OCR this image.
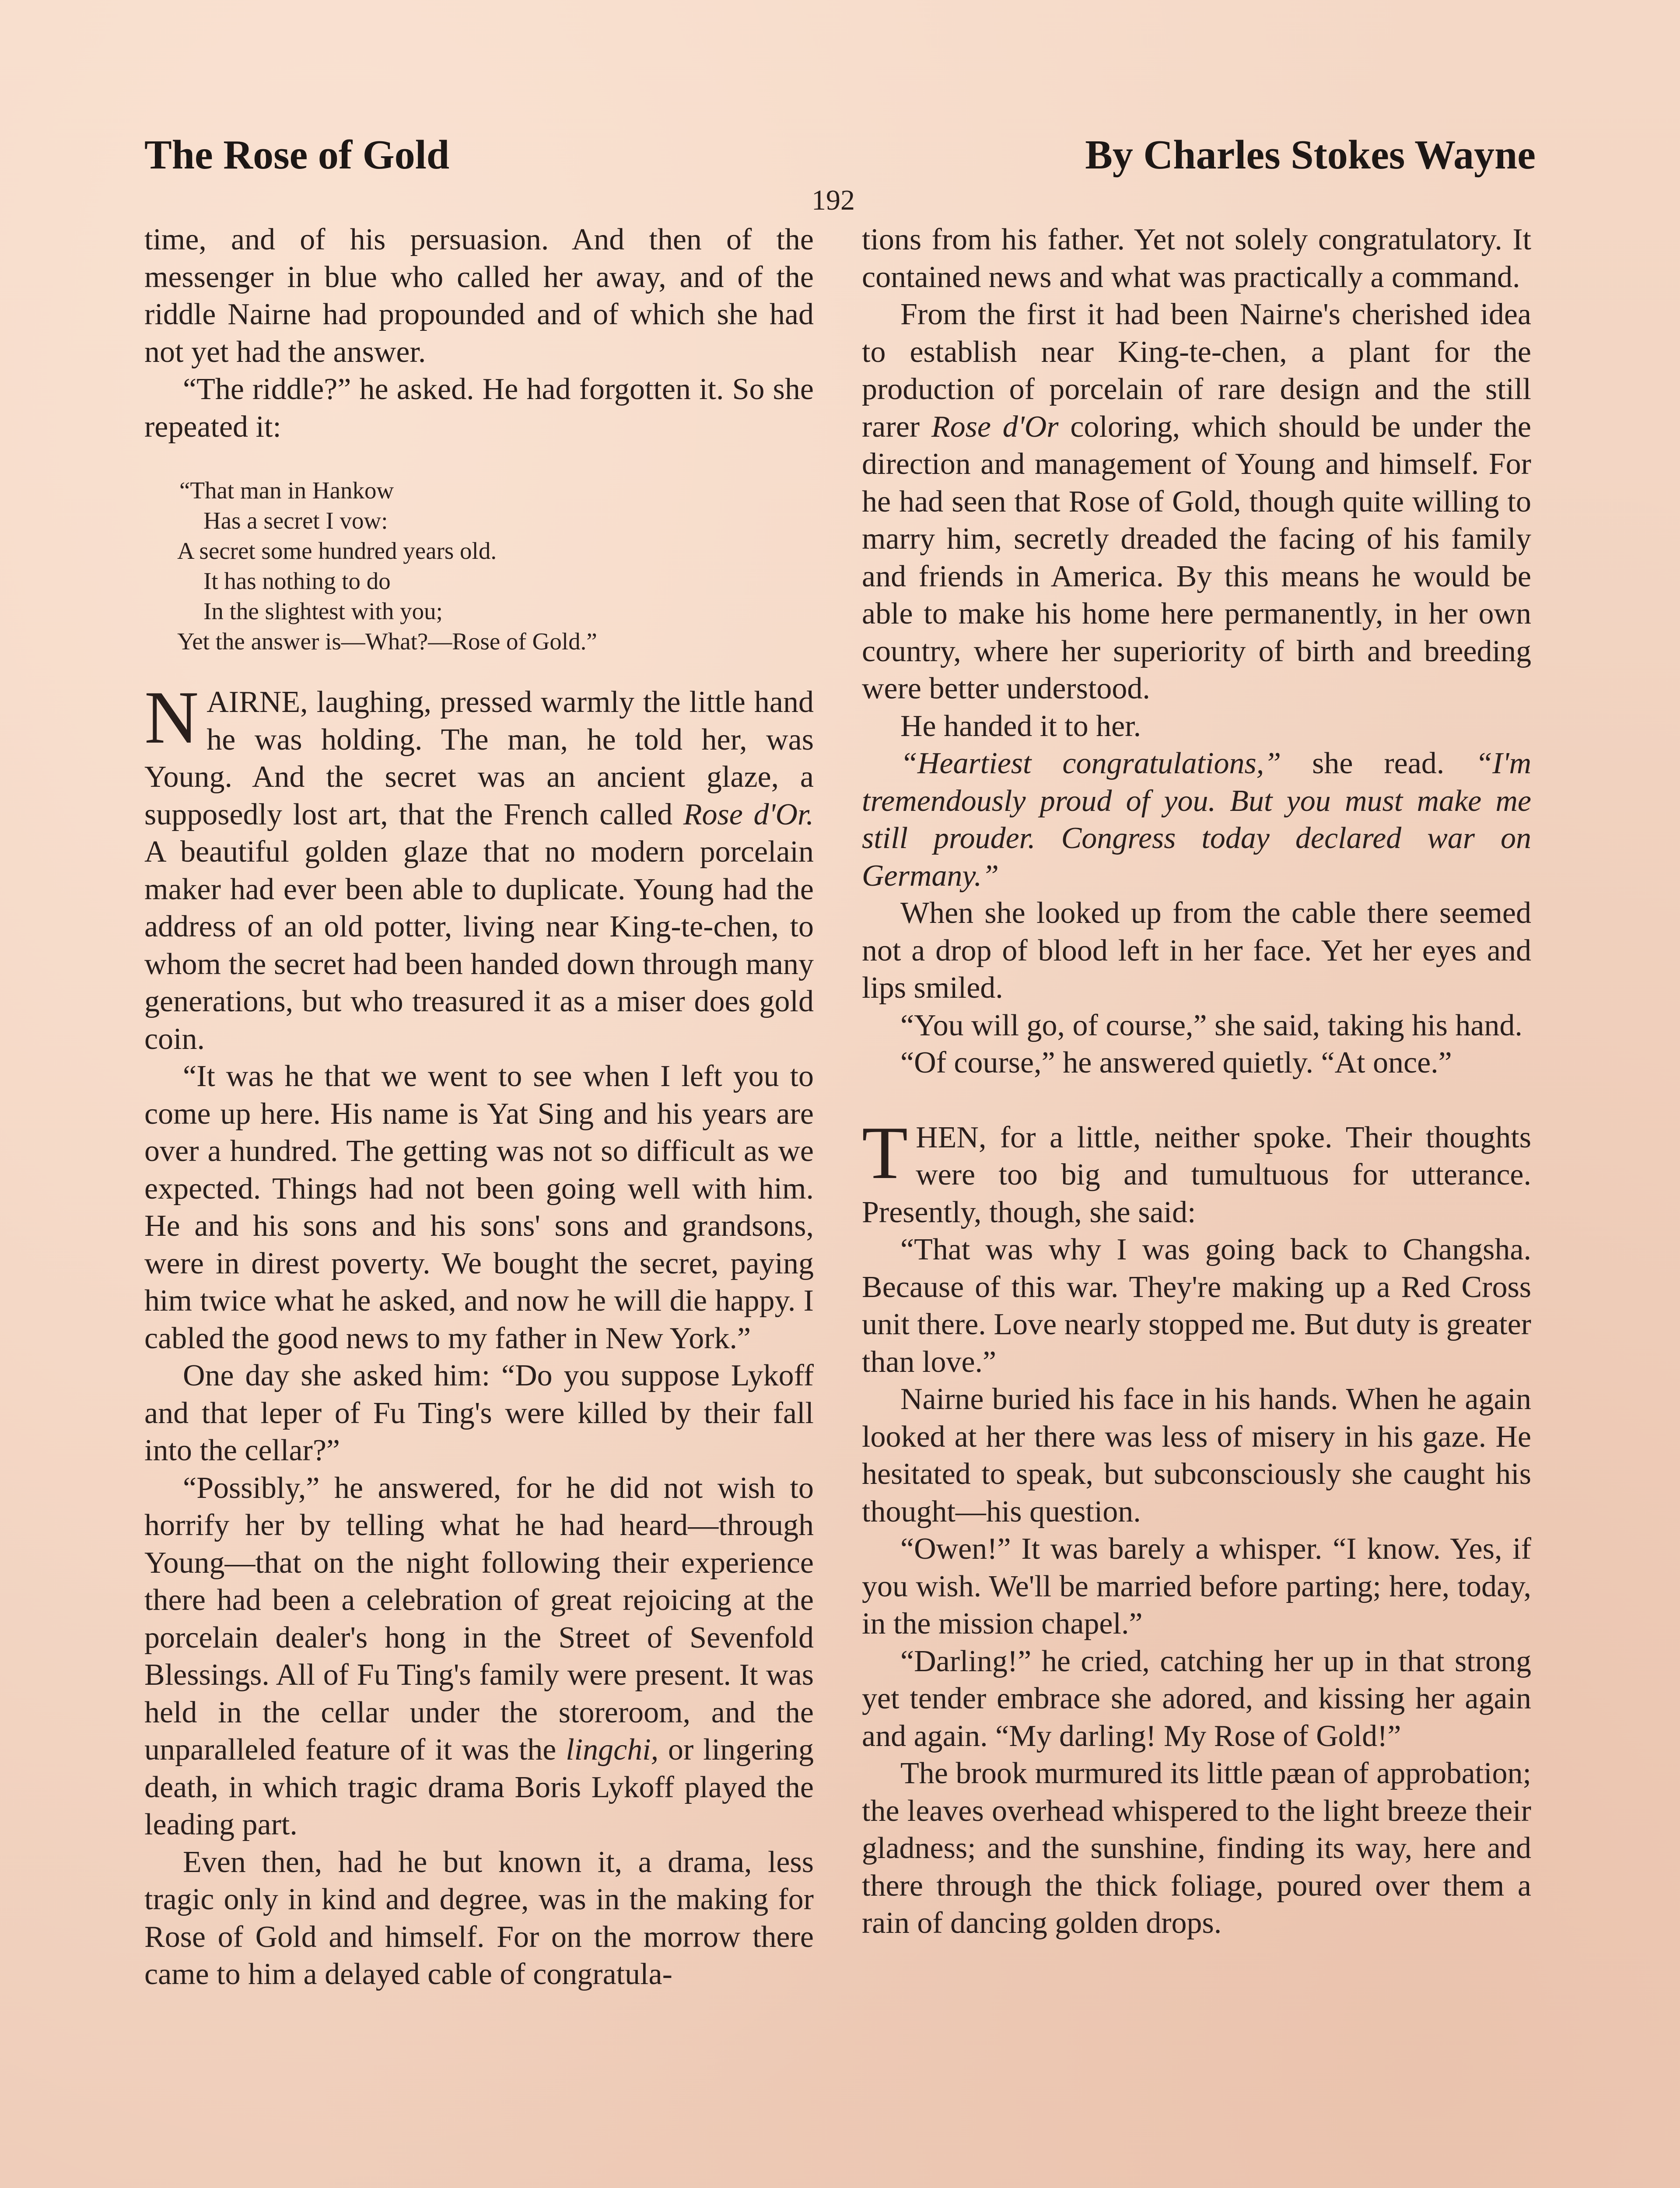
The Rose of Gold	By Charles Stokes Wayne
192

time, and of his persuasion. And then of the messenger in blue who called her away, and of the riddle Nairne had propounded and of which she had not yet had the answer.

“The riddle?” he asked. He had forgotten it. So she repeated it:

“That man in Hankow
Has a secret I vow:
A secret some hundred years old.
It has nothing to do
In the slightest with you;
Yet the answer is—What?—Rose of Gold.”

NAIRNE, laughing, pressed warmly the little hand he was holding. The man, he told her, was Young. And the secret was an ancient glaze, a supposedly lost art, that the French called Rose d'Or. A beautiful golden glaze that no modern porcelain maker had ever been able to duplicate. Young had the address of an old potter, living near King-te-chen, to whom the secret had been handed down through many generations, but who treasured it as a miser does gold coin.

“It was he that we went to see when I left you to come up here. His name is Yat Sing and his years are over a hundred. The getting was not so difficult as we expected. Things had not been going well with him. He and his sons and his sons' sons and grandsons, were in direst poverty. We bought the secret, paying him twice what he asked, and now he will die happy. I cabled the good news to my father in New York.”

One day she asked him: “Do you suppose Lykoff and that leper of Fu Ting's were killed by their fall into the cellar?”

“Possibly,” he answered, for he did not wish to horrify her by telling what he had heard—through Young—that on the night following their experience there had been a celebration of great rejoicing at the porcelain dealer's hong in the Street of Sevenfold Blessings. All of Fu Ting's family were present. It was held in the cellar under the storeroom, and the unparalleled feature of it was the lingchi, or lingering death, in which tragic drama Boris Lykoff played the leading part.

Even then, had he but known it, a drama, less tragic only in kind and degree, was in the making for Rose of Gold and himself. For on the morrow there came to him a delayed cable of congratula-

tions from his father. Yet not solely congratulatory. It contained news and what was practically a command.

From the first it had been Nairne's cherished idea to establish near King-te-chen, a plant for the production of porcelain of rare design and the still rarer Rose d'Or coloring, which should be under the direction and management of Young and himself. For he had seen that Rose of Gold, though quite willing to marry him, secretly dreaded the facing of his family and friends in America. By this means he would be able to make his home here permanently, in her own country, where her superiority of birth and breeding were better understood.

He handed it to her.

“Heartiest congratulations,” she read. “I'm tremendously proud of you. But you must make me still prouder. Congress today declared war on Germany.”

When she looked up from the cable there seemed not a drop of blood left in her face. Yet her eyes and lips smiled.

“You will go, of course,” she said, taking his hand.

“Of course,” he answered quietly. “At once.”

THEN, for a little, neither spoke. Their thoughts were too big and tumultuous for utterance. Presently, though, she said:

“That was why I was going back to Changsha. Because of this war. They're making up a Red Cross unit there. Love nearly stopped me. But duty is greater than love.”

Nairne buried his face in his hands. When he again looked at her there was less of misery in his gaze. He hesitated to speak, but subconsciously she caught his thought—his question.

“Owen!” It was barely a whisper. “I know. Yes, if you wish. We'll be married before parting; here, today, in the mission chapel.”

“Darling!” he cried, catching her up in that strong yet tender embrace she adored, and kissing her again and again. “My darling! My Rose of Gold!”

The brook murmured its little pæan of approbation; the leaves overhead whispered to the light breeze their gladness; and the sunshine, finding its way, here and there through the thick foliage, poured over them a rain of dancing golden drops.
